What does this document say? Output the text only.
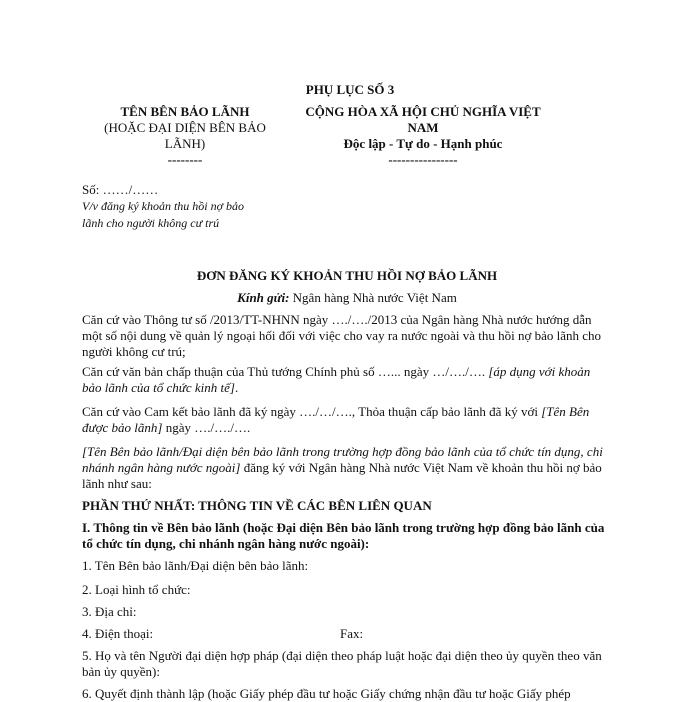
PHỤ LỤC SỐ 3
TÊN BÊN BẢO LÃNH
(HOẶC ĐẠI DIỆN BÊN BẢO
LÃNH)
--------
CỘNG HÒA XÃ HỘI CHỦ NGHĨA VIỆT
NAM
Độc lập - Tự do - Hạnh phúc
----------------
Số: ……/……
V/v đăng ký khoản thu hồi nợ bảo
lãnh cho người không cư trú
ĐƠN ĐĂNG KÝ KHOẢN THU HỒI NỢ BẢO LÃNH
Kính gửi: Ngân hàng Nhà nước Việt Nam
Căn cứ vào Thông tư số /2013/TT-NHNN ngày …./…./2013 của Ngân hàng Nhà nước hướng dẫn một số nội dung về quản lý ngoại hối đối với việc cho vay ra nước ngoài và thu hồi nợ bảo lãnh cho người không cư trú;
Căn cứ văn bản chấp thuận của Thủ tướng Chính phủ số …... ngày …/…./…. [áp dụng với khoản bảo lãnh của tổ chức kinh tế].
Căn cứ vào Cam kết bảo lãnh đã ký ngày …./…/…., Thỏa thuận cấp bảo lãnh đã ký với [Tên Bên được bảo lãnh] ngày …./…./….
[Tên Bên bảo lãnh/Đại diện bên bảo lãnh trong trường hợp đồng bảo lãnh của tổ chức tín dụng, chi nhánh ngân hàng nước ngoài] đăng ký với Ngân hàng Nhà nước Việt Nam về khoản thu hồi nợ bảo lãnh như sau:
PHẦN THỨ NHẤT: THÔNG TIN VỀ CÁC BÊN LIÊN QUAN
I. Thông tin về Bên bảo lãnh (hoặc Đại diện Bên bảo lãnh trong trường hợp đồng bảo lãnh của tổ chức tín dụng, chi nhánh ngân hàng nước ngoài):
1. Tên Bên bảo lãnh/Đại diện bên bảo lãnh:
2. Loại hình tổ chức:
3. Địa chỉ:
4. Điện thoại:	Fax:
5. Họ và tên Người đại diện hợp pháp (đại diện theo pháp luật hoặc đại diện theo ủy quyền theo văn bản ủy quyền):
6. Quyết định thành lập (hoặc Giấy phép đầu tư hoặc Giấy chứng nhận đầu tư hoặc Giấy phép
